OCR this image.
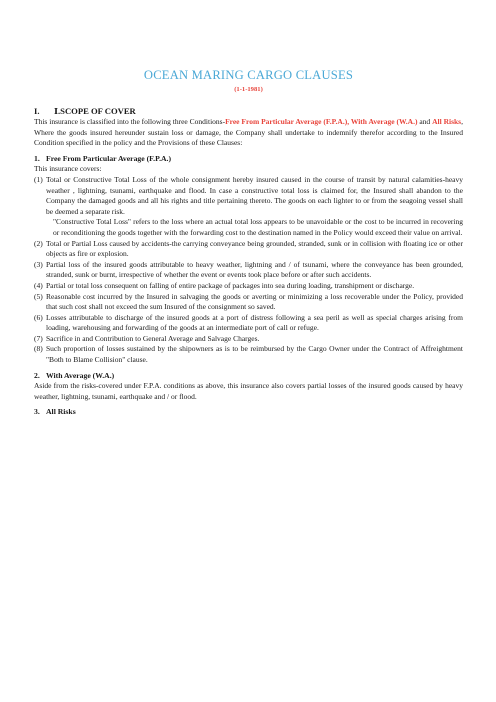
OCEAN MARING CARGO CLAUSES
(1-1-1981)
I. Ⅰ.SCOPE OF COVER

This insurance is classified into the following three Conditions-Free From Particular Average (F.P.A.), With Average (W.A.) and All Risks, Where the goods insured hereunder sustain loss or damage, the Company shall undertake to indemnify therefor according to the Insured Condition specified in the policy and the Provisions of these Clauses:

1. Free From Particular Average (F.P.A.)

This insurance covers:

(1) Total or Constructive Total Loss of the whole consignment hereby insured caused in the course of transit by natural calamities-heavy weather , lightning, tsunami, earthquake and flood. In case a constructive total loss is claimed for, the Insured shall abandon to the Company the damaged goods and all his rights and title pertaining thereto. The goods on each lighter to or from the seagoing vessel shall be deemed a separate risk.
"Constructive Total Loss" refers to the loss where an actual total loss appears to be unavoidable or the cost to be incurred in recovering or reconditioning the goods together with the forwarding cost to the destination named in the Policy would exceed their value on arrival.
(2) Total or Partial Loss caused by accidents-the carrying conveyance being grounded, stranded, sunk or in collision with floating ice or other objects as fire or explosion.
(3) Partial loss of the insured goods attributable to heavy weather, lightning and / of tsunami, where the conveyance has been grounded, stranded, sunk or burnt, irrespective of whether the event or events took place before or after such accidents.
(4) Partial or total loss consequent on falling of entire package of packages into sea during loading, transhipment or discharge.
(5) Reasonable cost incurred by the Insured in salvaging the goods or averting or minimizing a loss recoverable under the Policy, provided that such cost shall not exceed the sum Insured of the consignment so saved.
(6) Losses attributable to discharge of the insured goods at a port of distress following a sea peril as well as special charges arising from loading, warehousing and forwarding of the goods at an intermediate port of call or refuge.
(7) Sacrifice in and Contribution to General Average and Salvage Charges.
(8) Such proportion of losses sustained by the shipowners as is to be reimbursed by the Cargo Owner under the Contract of Affreightment "Both to Blame Collision" clause.
2. With Average (W.A.)

Aside from the risks-covered under F.P.A. conditions as above, this insurance also covers partial losses of the insured goods caused by heavy weather, lightning, tsunami, earthquake and / or flood.

3. All Risks
